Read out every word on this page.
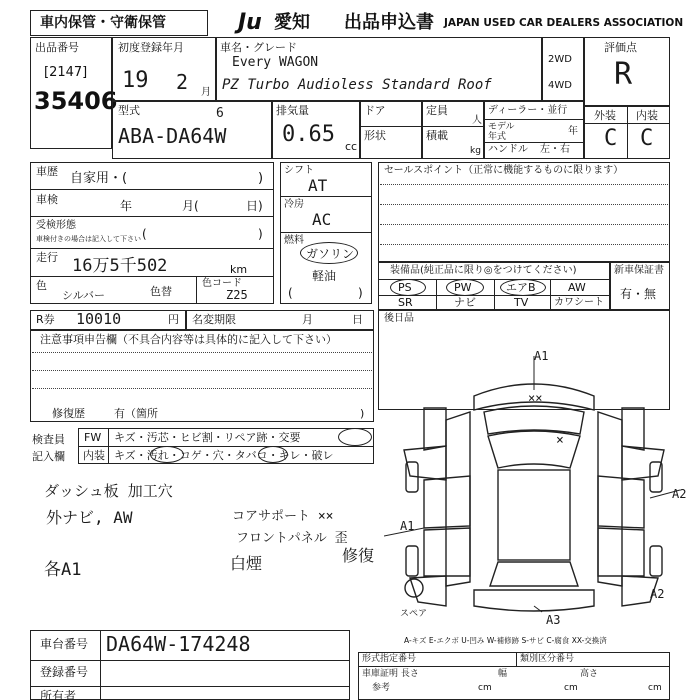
車内保管・守衛保管	Ju 愛知 出品申込書 JAPAN USED CAR DEALERS ASSOCIATION
出品番号
[2147]
35406
初度登録年月
19 2 月
車名・グレード
Every WAGON
PZ Turbo Audioless Standard Roof
2WD
4WD
評価点
R
型式	6
ABA-DA64W
排気量
0.65 cc
ドア
形状
定員
人
積載
kg
ディーラー・並行
モデル年式	年
ハンドル 左・右
外装 内装
C C
車歴 自家用・(	)
車検	年	月(	日)
受検形態
車検付きの場合は記入して下さい (	)
走行 16万5千502	km
色
シルバー	色替
色コード
Z25
シフト
AT
冷房
AC
燃料
ガソリン
軽油
(	)
セールスポイント（正常に機能するものに限ります）
装備品(純正品に限り◎をつけてください)
PS	PW	エアB	AW
SR	ナビ	TV	カワシート
新車保証書
有・無
R券 10010	円 名変期限	月	日 後日品
注意事項申告欄（不具合内容等は具体的に記入して下さい）
修復歴	有（箇所	)
検査員
記入欄
FW キズ・汚芯・ヒビ割・リペア跡・交要
内装 キズ・汚れ・コゲ・穴・タバコ・キレ・破レ
ダッシュ板 加工穴
外ナビ, AW	コアサポート ××
フロントパネル 歪
各A1	白煙	修復
A1
××
×
A1
A2
A2
A3
スペア
A-キズ E-エクボ U-凹み W-補修跡 S-サビ C-腐食 XX-交換済
車台番号 DA64W-174248
登録番号
所有者
形式指定番号	類別区分番号
車庫証明 長さ	幅	高さ
参考	cm	cm	cm
